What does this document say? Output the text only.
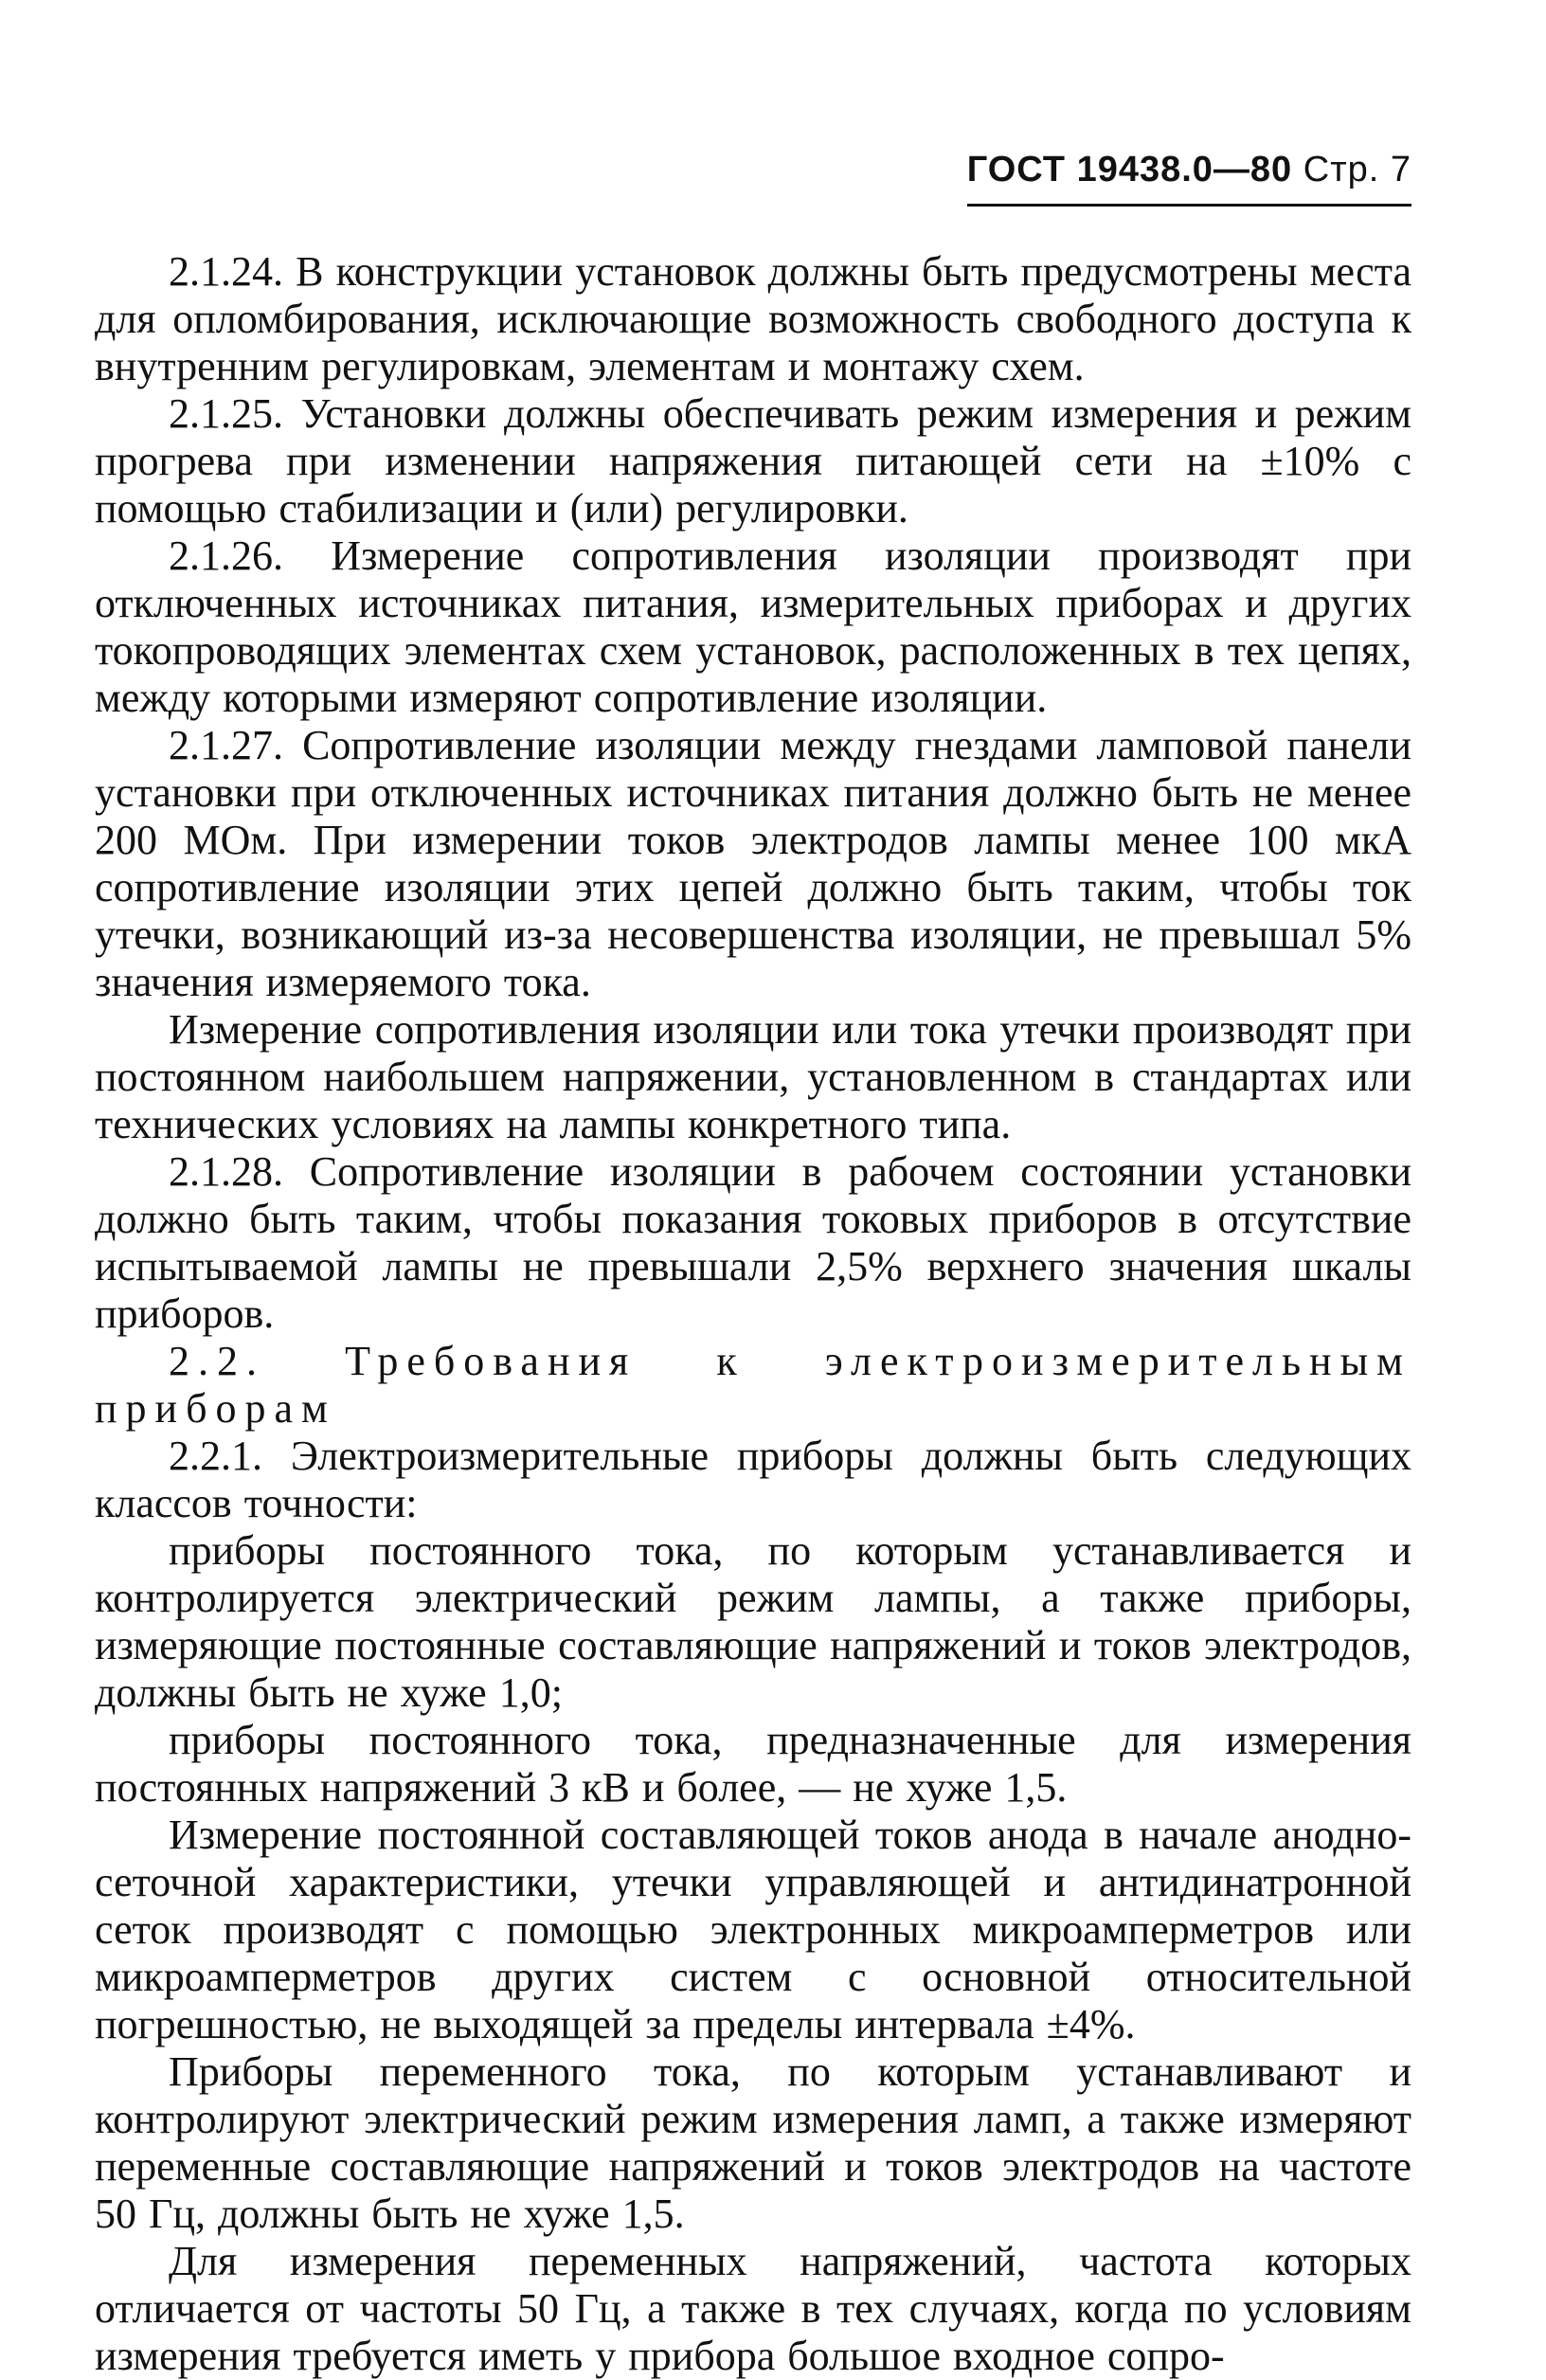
ГОСТ 19438.0—80 Стр. 7

2.1.24. В конструкции установок должны быть предусмотрены места для опломбирования, исключающие возможность свободного доступа к внутренним регулировкам, элементам и монтажу схем.

2.1.25. Установки должны обеспечивать режим измерения и режим прогрева при изменении напряжения питающей сети на ±10% с помощью стабилизации и (или) регулировки.

2.1.26. Измерение сопротивления изоляции производят при отключенных источниках питания, измерительных приборах и других токопроводящих элементах схем установок, расположенных в тех цепях, между которыми измеряют сопротивление изоляции.

2.1.27. Сопротивление изоляции между гнездами ламповой панели установки при отключенных источниках питания должно быть не менее 200 МОм. При измерении токов электродов лампы менее 100 мкА сопротивление изоляции этих цепей должно быть таким, чтобы ток утечки, возникающий из-за несовершенства изоляции, не превышал 5% значения измеряемого тока.

Измерение сопротивления изоляции или тока утечки производят при постоянном наибольшем напряжении, установленном в стандартах или технических условиях на лампы конкретного типа.

2.1.28. Сопротивление изоляции в рабочем состоянии установки должно быть таким, чтобы показания токовых приборов в отсутствие испытываемой лампы не превышали 2,5% верхнего значения шкалы приборов.

2.2. Требования к электроизмерительным приборам

2.2.1. Электроизмерительные приборы должны быть следующих классов точности:

приборы постоянного тока, по которым устанавливается и контролируется электрический режим лампы, а также приборы, измеряющие постоянные составляющие напряжений и токов электродов, должны быть не хуже 1,0;

приборы постоянного тока, предназначенные для измерения постоянных напряжений 3 кВ и более, — не хуже 1,5.

Измерение постоянной составляющей токов анода в начале анодно-сеточной характеристики, утечки управляющей и антидинатронной сеток производят с помощью электронных микроамперметров или микроамперметров других систем с основной относительной погрешностью, не выходящей за пределы интервала ±4%.

Приборы переменного тока, по которым устанавливают и контролируют электрический режим измерения ламп, а также измеряют переменные составляющие напряжений и токов электродов на частоте 50 Гц, должны быть не хуже 1,5.

Для измерения переменных напряжений, частота которых отличается от частоты 50 Гц, а также в тех случаях, когда по условиям измерения требуется иметь у прибора большое входное сопро-
